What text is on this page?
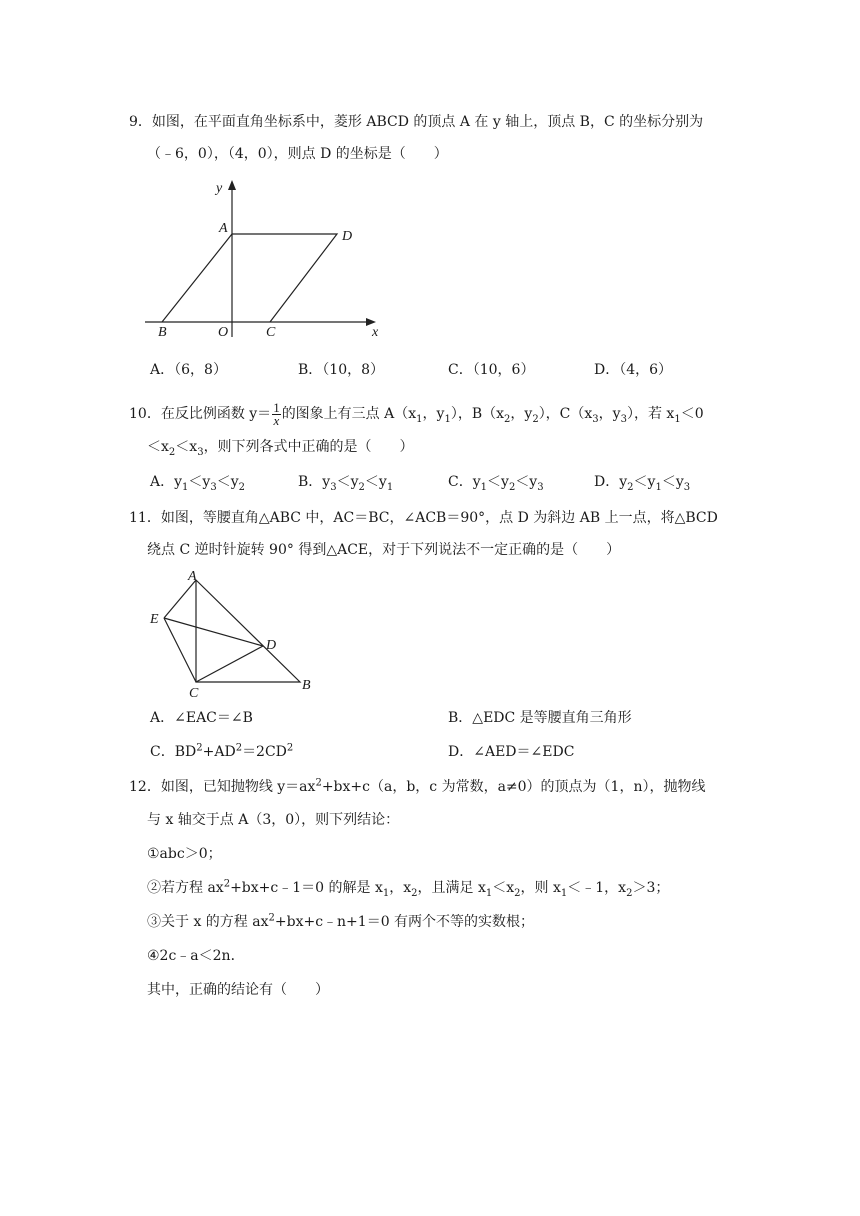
9．如图，在平面直角坐标系中，菱形 ABCD 的顶点 A 在 y 轴上，顶点 B，C 的坐标分别为
（﹣6，0），（4，0），则点 D 的坐标是（　　）
y
x
A
D
B	O	C
A．（6，8）	B．（10，8）	C．（10，6）	D．（4，6）
10．在反比例函数 $y= \frac{1}{x}$ 的图象上有三点 $A(x_1$，$y_1$），$B(x_2$，$y_2$），$C(x_3$，$y_3$），若 $x_1<0$
$<x_2<x_3$，则下列各式中正确的是（　　）
A．$y_1<y_3<y_2$	B．$y_3<y_2<y_1$	C．$y_1<y_2<y_3$	D．$y_2<y_1<y_3$
11．如图，等腰直角△ABC 中，AC＝BC，∠ACB＝90°，点 D 为斜边 AB 上一点，将△BCD
绕点 C 逆时针旋转 90° 得到△ACE，对于下列说法不一定正确的是（　　）
A
E
D
C
B
A．∠EAC＝∠B	B．△EDC 是等腰直角三角形
C．$BD^2+AD^2=2CD^2$	D．∠AED＝∠EDC
12．如图，已知抛物线 $y=ax^2+bx+c(a$，b，c 为常数，a≠0）的顶点为（1，n），抛物线
与 x 轴交于点 A（3，0），则下列结论：
①abc＞0；
②若方程 $ax^2+bx+c﹣1=0$ 的解是 $x_1$，$x_2$，且满足 $x_1<x_2$，则 $x_1<﹣1$，$x_2>3$；
③关于 x 的方程 $ax^2+bx+c﹣n+1=0$ 有两个不等的实数根；
④2c﹣a＜2n．
其中，正确的结论有（　　）
